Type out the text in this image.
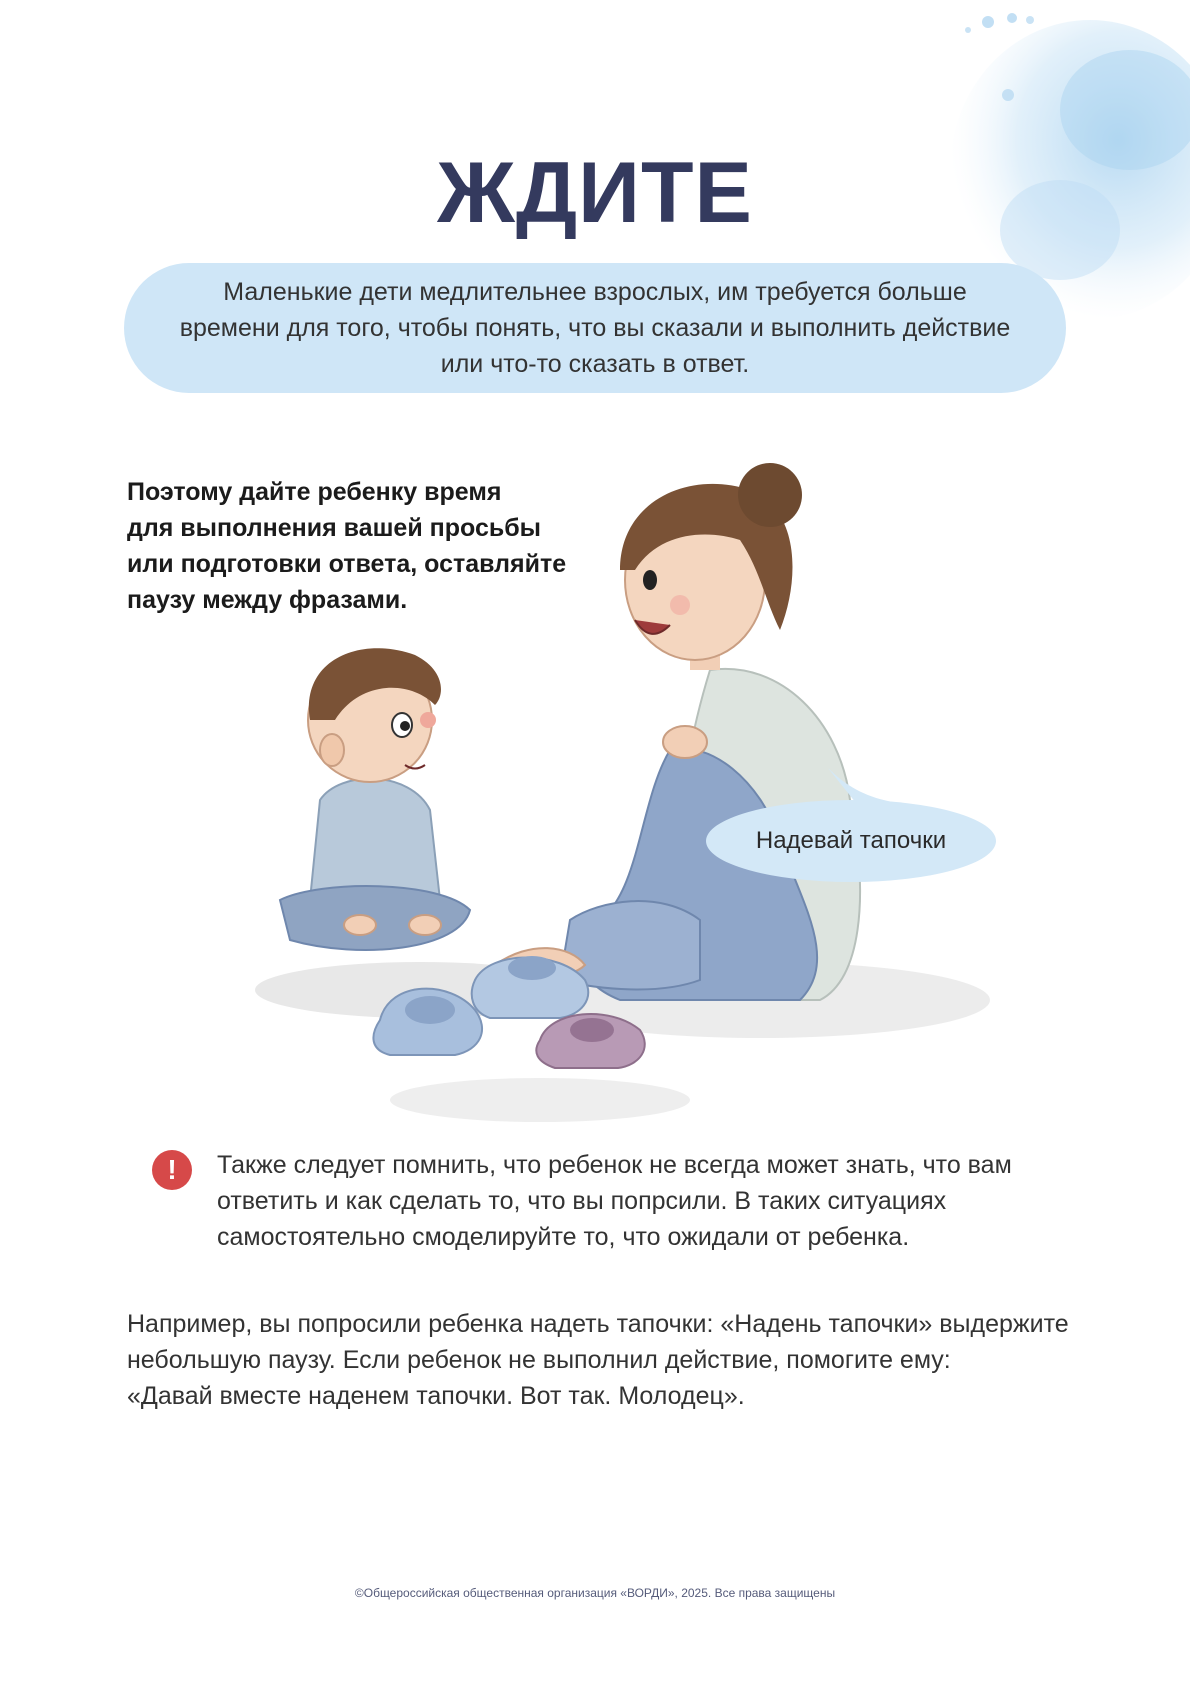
ЖДИТЕ
Маленькие дети медлительнее взрослых, им требуется больше времени для того, чтобы понять, что вы сказали и выполнить действие или что-то сказать в ответ.
Поэтому дайте ребенку время
для выполнения вашей просьбы
или подготовки ответа, оставляйте
паузу между фразами.
Надевай тапочки
!	Также следует помнить, что ребенок не всегда может знать, что вам
ответить и как сделать то, что вы попрсили. В таких ситуациях
самостоятельно смоделируйте то, что ожидали от ребенка.
Например, вы попросили ребенка надеть тапочки: «Надень тапочки» выдержите
небольшую паузу. Если ребенок не выполнил действие, помогите ему:
«Давай вместе наденем тапочки. Вот так. Молодец».
©Общероссийская общественная организация «ВОРДИ», 2025. Все права защищены
